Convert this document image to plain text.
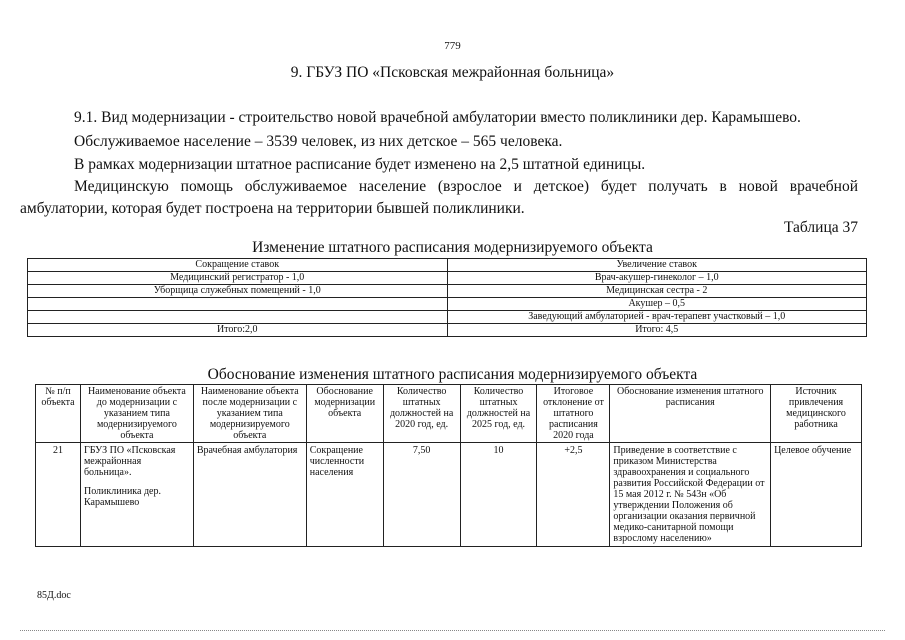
779
9. ГБУЗ ПО «Псковская межрайонная больница»
9.1. Вид модернизации - строительство новой врачебной амбулатории вместо поликлиники дер. Карамышево.
Обслуживаемое население – 3539 человек, из них детское – 565 человека.
В рамках модернизации штатное расписание будет изменено на 2,5 штатной единицы.
Медицинскую помощь обслуживаемое население (взрослое и детское) будет получать в новой врачебной
амбулатории, которая будет построена на территории бывшей поликлиники.
Таблица 37
Изменение штатного расписания модернизируемого объекта
Сокращение ставок	Увеличение ставок
Медицинский регистратор - 1,0	Врач-акушер-гинеколог – 1,0
Уборщица служебных помещений - 1,0	Медицинская сестра - 2
	Акушер – 0,5
	Заведующий амбулаторией - врач-терапевт участковый – 1,0
Итого:2,0	Итого: 4,5
Обоснование изменения штатного расписания модернизируемого объекта
№ п/п объекта	Наименование объекта до модернизации с указанием типа модернизируемого объекта	Наименование объекта после модернизации с указанием типа модернизируемого объекта	Обоснование модернизации объекта	Количество штатных должностей на 2020 год, ед.	Количество штатных должностей на 2025 год, ед.	Итоговое отклонение от штатного расписания 2020 года	Обоснование изменения штатного расписания	Источник привлечения медицинского работника
21	ГБУЗ ПО «Псковская межрайонная больница».
Поликлиника дер. Карамышево	Врачебная амбулатория	Сокращение численности населения	7,50	10	+2,5	Приведение в соответствие с приказом Министерства здравоохранения и социального развития Российской Федерации от 15 мая 2012 г. № 543н «Об утверждении Положения об организации оказания первичной медико-санитарной помощи взрослому населению»	Целевое обучение
85Д.doc
